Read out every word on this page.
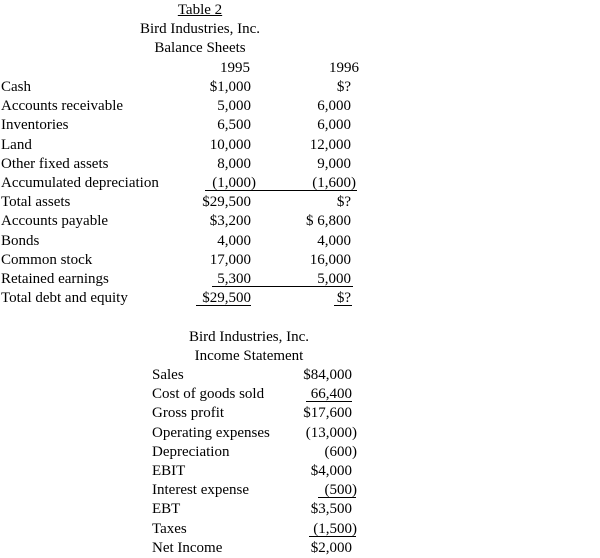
Table 2
Bird Industries, Inc.
Balance Sheets
1995	1996
Cash
Accounts receivable
Inventories
Land
Other fixed assets
Accumulated depreciation
Total assets
Accounts payable
Bonds
Common stock
Retained earnings
Total debt and equity
$1,000
5,000
6,500
10,000
8,000
(1,000)
$29,500
$3,200
4,000
17,000
5,300
$29,500
$?
6,000
6,000
12,000
9,000
(1,600)
$?
$ 6,800
4,000
16,000
5,000
$?
Bird Industries, Inc.
Income Statement
Sales
Cost of goods sold
Gross profit
Operating expenses
Depreciation
EBIT
Interest expense
EBT
Taxes
Net Income
$84,000
66,400
$17,600
(13,000)
(600)
$4,000
(500)
$3,500
(1,500)
$2,000
